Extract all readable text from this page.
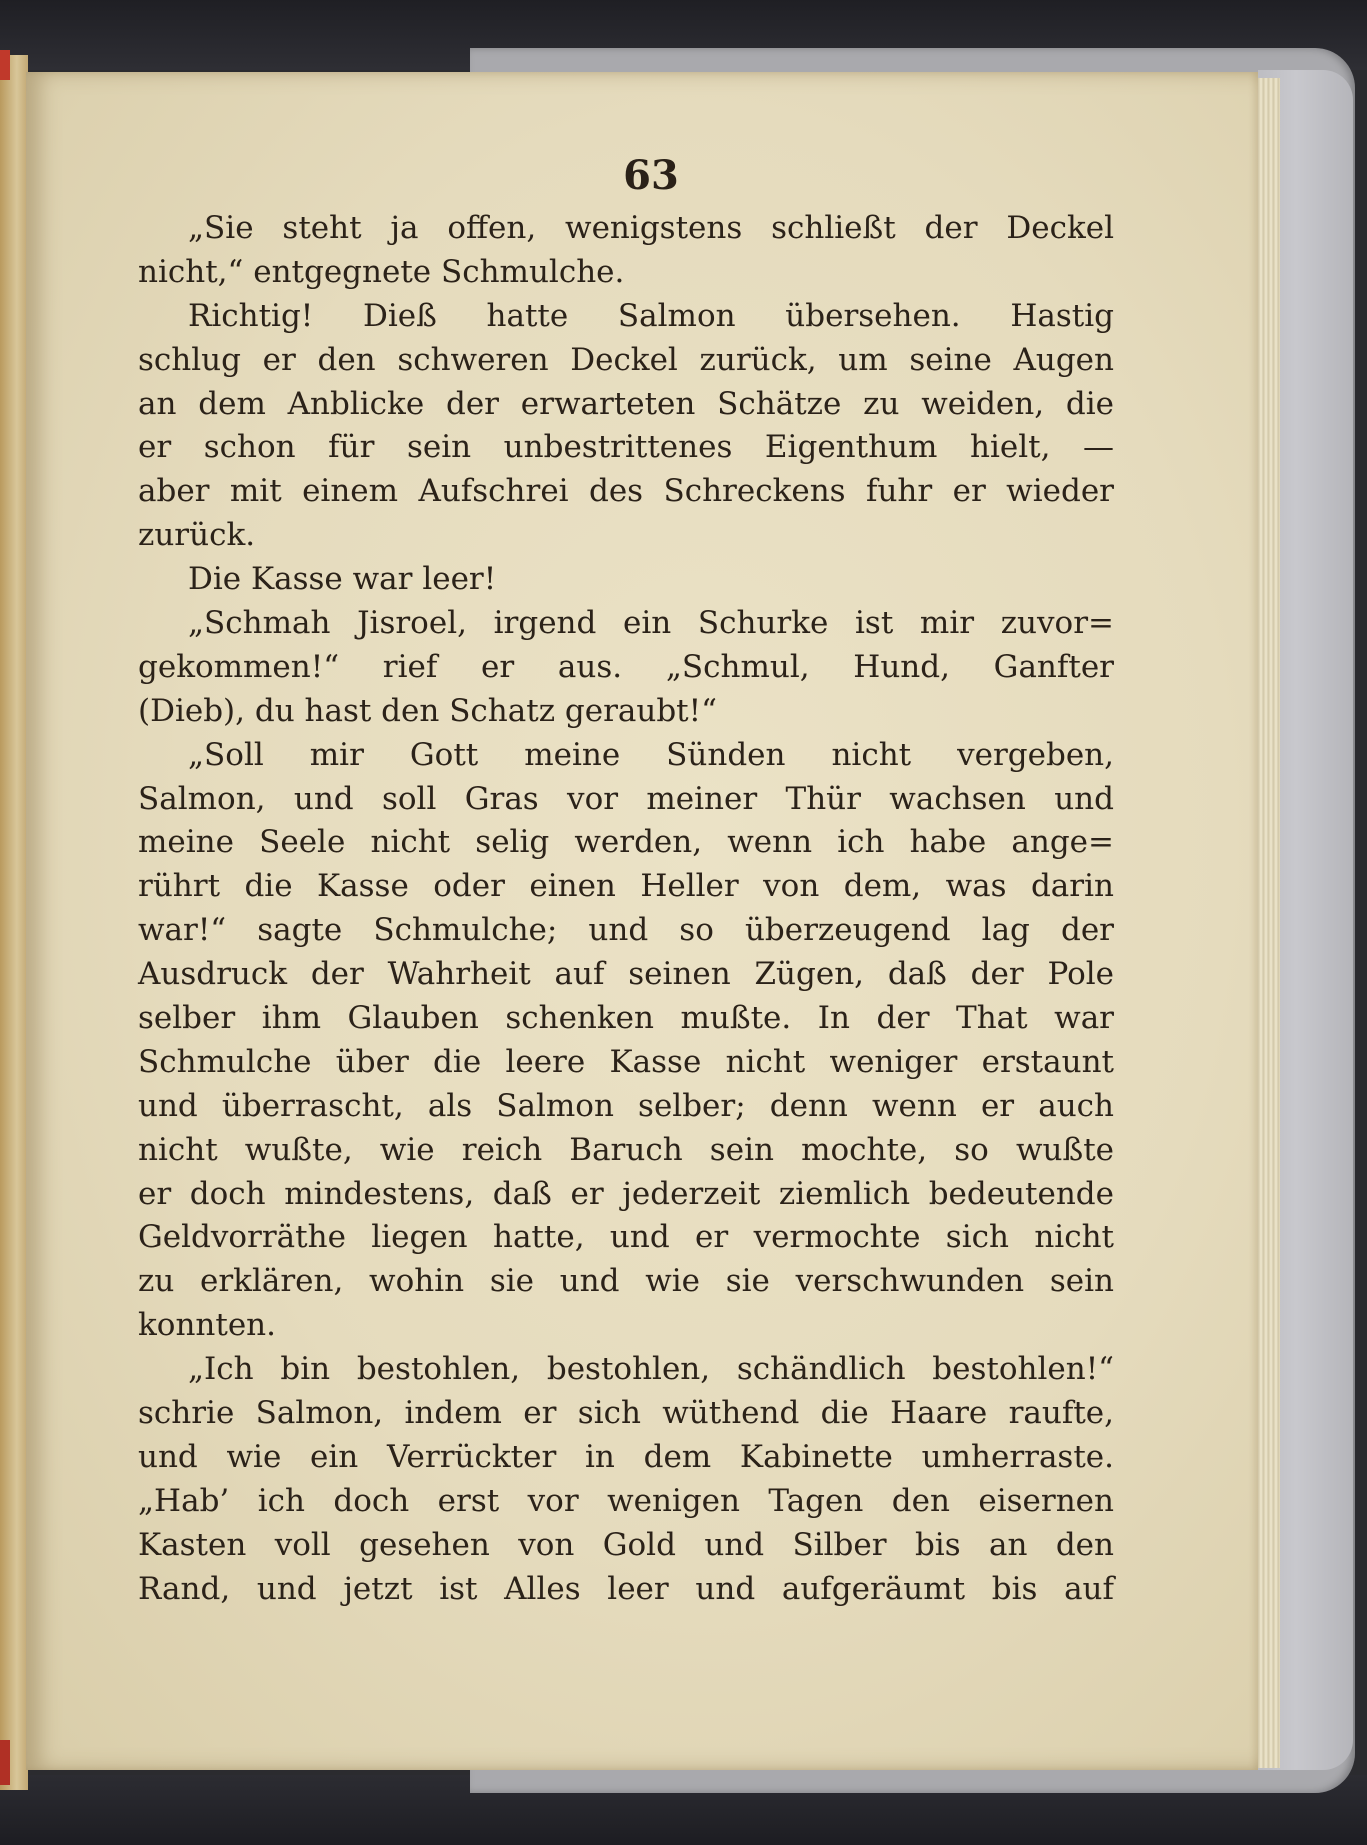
63
„Sie steht ja offen, wenigstens schließt der Deckel
nicht,“ entgegnete Schmulche.
Richtig! Dieß hatte Salmon übersehen. Hastig
schlug er den schweren Deckel zurück, um seine Augen
an dem Anblicke der erwarteten Schätze zu weiden, die
er schon für sein unbestrittenes Eigenthum hielt, —
aber mit einem Aufschrei des Schreckens fuhr er wieder
zurück.
Die Kasse war leer!
„Schmah Jisroel, irgend ein Schurke ist mir zuvor=
gekommen!“ rief er aus. „Schmul, Hund, Ganfter
(Dieb), du hast den Schatz geraubt!“
„Soll mir Gott meine Sünden nicht vergeben,
Salmon, und soll Gras vor meiner Thür wachsen und
meine Seele nicht selig werden, wenn ich habe ange=
rührt die Kasse oder einen Heller von dem, was darin
war!“ sagte Schmulche; und so überzeugend lag der
Ausdruck der Wahrheit auf seinen Zügen, daß der Pole
selber ihm Glauben schenken mußte. In der That war
Schmulche über die leere Kasse nicht weniger erstaunt
und überrascht, als Salmon selber; denn wenn er auch
nicht wußte, wie reich Baruch sein mochte, so wußte
er doch mindestens, daß er jederzeit ziemlich bedeutende
Geldvorräthe liegen hatte, und er vermochte sich nicht
zu erklären, wohin sie und wie sie verschwunden sein
konnten.
„Ich bin bestohlen, bestohlen, schändlich bestohlen!“
schrie Salmon, indem er sich wüthend die Haare raufte,
und wie ein Verrückter in dem Kabinette umherraste.
„Hab’ ich doch erst vor wenigen Tagen den eisernen
Kasten voll gesehen von Gold und Silber bis an den
Rand, und jetzt ist Alles leer und aufgeräumt bis auf
